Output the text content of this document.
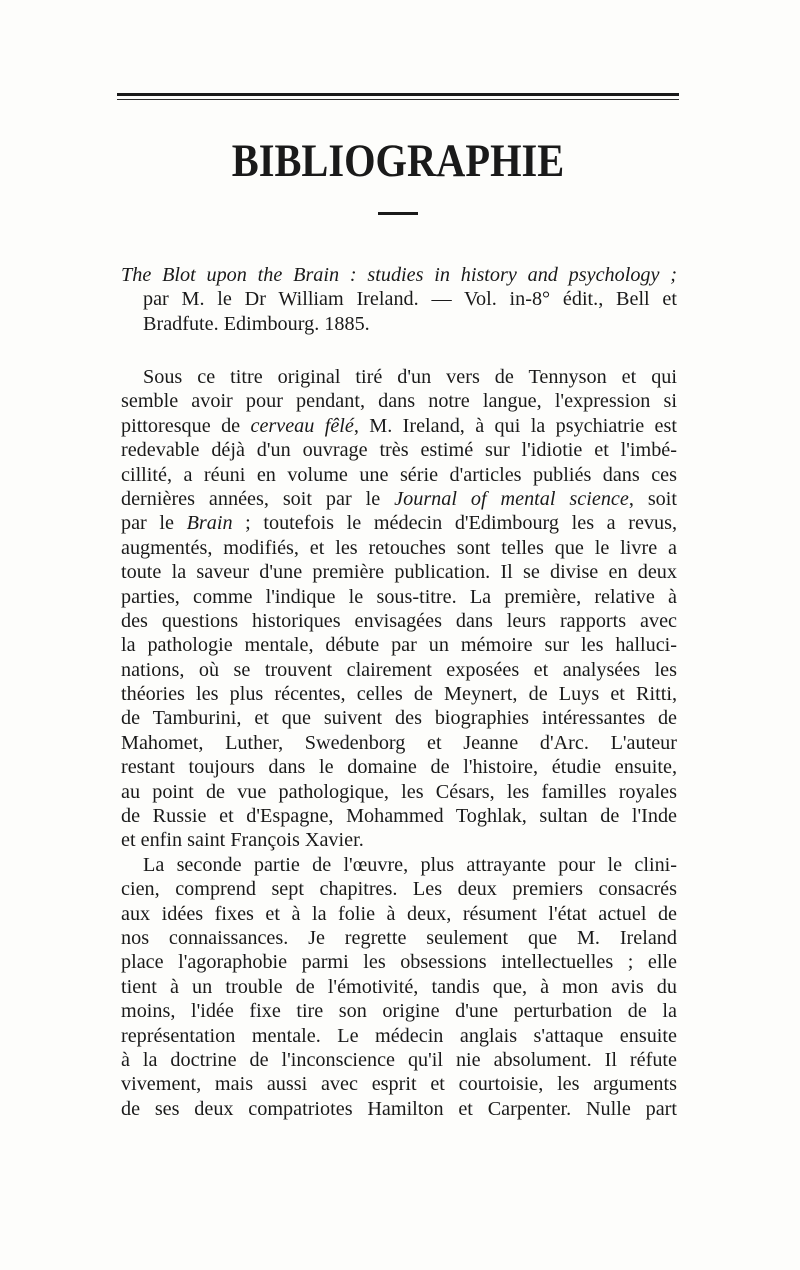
BIBLIOGRAPHIE
The Blot upon the Brain : studies in history and psychology ;
par M. le Dr William Ireland. — Vol. in-8° édit., Bell et
Bradfute. Edimbourg. 1885.
Sous ce titre original tiré d'un vers de Tennyson et qui
semble avoir pour pendant, dans notre langue, l'expression si
pittoresque de cerveau fêlé, M. Ireland, à qui la psychiatrie est
redevable déjà d'un ouvrage très estimé sur l'idiotie et l'imbé-
cillité, a réuni en volume une série d'articles publiés dans ces
dernières années, soit par le Journal of mental science, soit
par le Brain ; toutefois le médecin d'Edimbourg les a revus,
augmentés, modifiés, et les retouches sont telles que le livre a
toute la saveur d'une première publication. Il se divise en deux
parties, comme l'indique le sous-titre. La première, relative à
des questions historiques envisagées dans leurs rapports avec
la pathologie mentale, débute par un mémoire sur les halluci-
nations, où se trouvent clairement exposées et analysées les
théories les plus récentes, celles de Meynert, de Luys et Ritti,
de Tamburini, et que suivent des biographies intéressantes de
Mahomet, Luther, Swedenborg et Jeanne d'Arc. L'auteur
restant toujours dans le domaine de l'histoire, étudie ensuite,
au point de vue pathologique, les Césars, les familles royales
de Russie et d'Espagne, Mohammed Toghlak, sultan de l'Inde
et enfin saint François Xavier.
La seconde partie de l'œuvre, plus attrayante pour le clini-
cien, comprend sept chapitres. Les deux premiers consacrés
aux idées fixes et à la folie à deux, résument l'état actuel de
nos connaissances. Je regrette seulement que M. Ireland
place l'agoraphobie parmi les obsessions intellectuelles ; elle
tient à un trouble de l'émotivité, tandis que, à mon avis du
moins, l'idée fixe tire son origine d'une perturbation de la
représentation mentale. Le médecin anglais s'attaque ensuite
à la doctrine de l'inconscience qu'il nie absolument. Il réfute
vivement, mais aussi avec esprit et courtoisie, les arguments
de ses deux compatriotes Hamilton et Carpenter. Nulle part
